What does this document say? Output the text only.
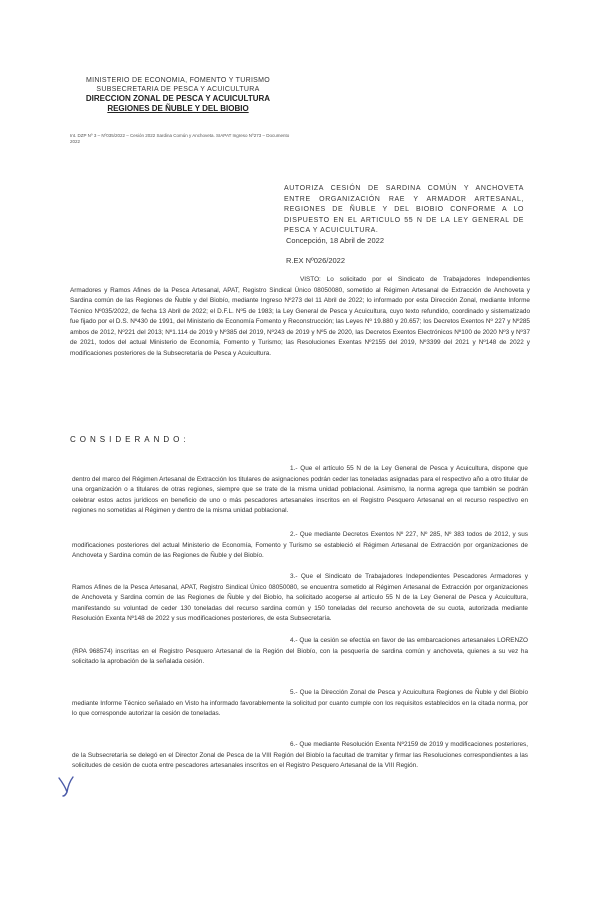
MINISTERIO DE ECONOMIA, FOMENTO Y TURISMO
SUBSECRETARIA DE PESCA Y ACUICULTURA
DIRECCION ZONAL DE PESCA Y ACUICULTURA
REGIONES DE ÑUBLE Y DEL BIOBIO
Int. DZP Nº 3 – Nº035/2022 – Cesión 2022 Sardina Común y Anchoveta. SIAPAT Ingreso Nº273 – Documento 2022
AUTORIZA CESIÓN DE SARDINA COMÚN Y ANCHOVETA ENTRE ORGANIZACIÓN RAE Y ARMADOR ARTESANAL, REGIONES DE ÑUBLE Y DEL BIOBIO CONFORME A LO DISPUESTO EN EL ARTICULO 55 N DE LA LEY GENERAL DE PESCA Y ACUICULTURA.
Concepción, 18 Abril de 2022
R.EX Nº026/2022
VISTO: Lo solicitado por el Sindicato de Trabajadores Independientes Armadores y Ramos Afines de la Pesca Artesanal, APAT, Registro Sindical Único 08050080, sometido al Régimen Artesanal de Extracción de Anchoveta y Sardina común de las Regiones de Ñuble y del Biobío, mediante Ingreso Nº273 del 11 Abril de 2022; lo informado por esta Dirección Zonal, mediante Informe Técnico Nº035/2022, de fecha 13 Abril de 2022; el D.F.L. Nº5 de 1983; la Ley General de Pesca y Acuicultura, cuyo texto refundido, coordinado y sistematizado fue fijado por el D.S. Nº430 de 1991, del Ministerio de Economía Fomento y Reconstrucción; las Leyes Nº 19.880 y 20.657; los Decretos Exentos Nº 227 y Nº285 ambos de 2012, Nº221 del 2013; Nº1.114 de 2019 y Nº385 del 2019, Nº243 de 2019 y Nº5 de 2020, las Decretos Exentos Electrónicos Nº100 de 2020 Nº3 y Nº37 de 2021, todos del actual Ministerio de Economía, Fomento y Turismo; las Resoluciones Exentas Nº2155 del 2019, Nº3399 del 2021 y Nº148 de 2022 y modificaciones posteriores de la Subsecretaría de Pesca y Acuicultura.
CONSIDERANDO:
1.- Que el artículo 55 N de la Ley General de Pesca y Acuicultura, dispone que dentro del marco del Régimen Artesanal de Extracción los titulares de asignaciones podrán ceder las toneladas asignadas para el respectivo año a otro titular de una organización o a titulares de otras regiones, siempre que se trate de la misma unidad poblacional. Asimismo, la norma agrega que también se podrán celebrar estos actos jurídicos en beneficio de uno o más pescadores artesanales inscritos en el Registro Pesquero Artesanal en el recurso respectivo en regiones no sometidas al Régimen y dentro de la misma unidad poblacional.
2.- Que mediante Decretos Exentos Nº 227, Nº 285, Nº 383 todos de 2012, y sus modificaciones posteriores del actual Ministerio de Economía, Fomento y Turismo se estableció el Régimen Artesanal de Extracción por organizaciones de Anchoveta y Sardina común de las Regiones de Ñuble y del Biobío.
3.- Que el Sindicato de Trabajadores Independientes Pescadores Armadores y Ramos Afines de la Pesca Artesanal, APAT, Registro Sindical Único 08050080, se encuentra sometido al Régimen Artesanal de Extracción por organizaciones de Anchoveta y Sardina común de las Regiones de Ñuble y del Biobío, ha solicitado acogerse al artículo 55 N de la Ley General de Pesca y Acuicultura, manifestando su voluntad de ceder 130 toneladas del recurso sardina común y 150 toneladas del recurso anchoveta de su cuota, autorizada mediante Resolución Exenta Nº148 de 2022 y sus modificaciones posteriores, de esta Subsecretaría.
4.- Que la cesión se efectúa en favor de las embarcaciones artesanales LORENZO (RPA 968574) inscritas en el Registro Pesquero Artesanal de la Región del Biobío, con la pesquería de sardina común y anchoveta, quienes a su vez ha solicitado la aprobación de la señalada cesión.
5.- Que la Dirección Zonal de Pesca y Acuicultura Regiones de Ñuble y del Biobío mediante Informe Técnico señalado en Visto ha informado favorablemente la solicitud por cuanto cumple con los requisitos establecidos en la citada norma, por lo que corresponde autorizar la cesión de toneladas.
6.- Que mediante Resolución Exenta Nº2159 de 2019 y modificaciones posteriores, de la Subsecretaría se delegó en el Director Zonal de Pesca de la VIII Región del Biobío la facultad de tramitar y firmar las Resoluciones correspondientes a las solicitudes de cesión de cuota entre pescadores artesanales inscritos en el Registro Pesquero Artesanal de la VIII Región.
